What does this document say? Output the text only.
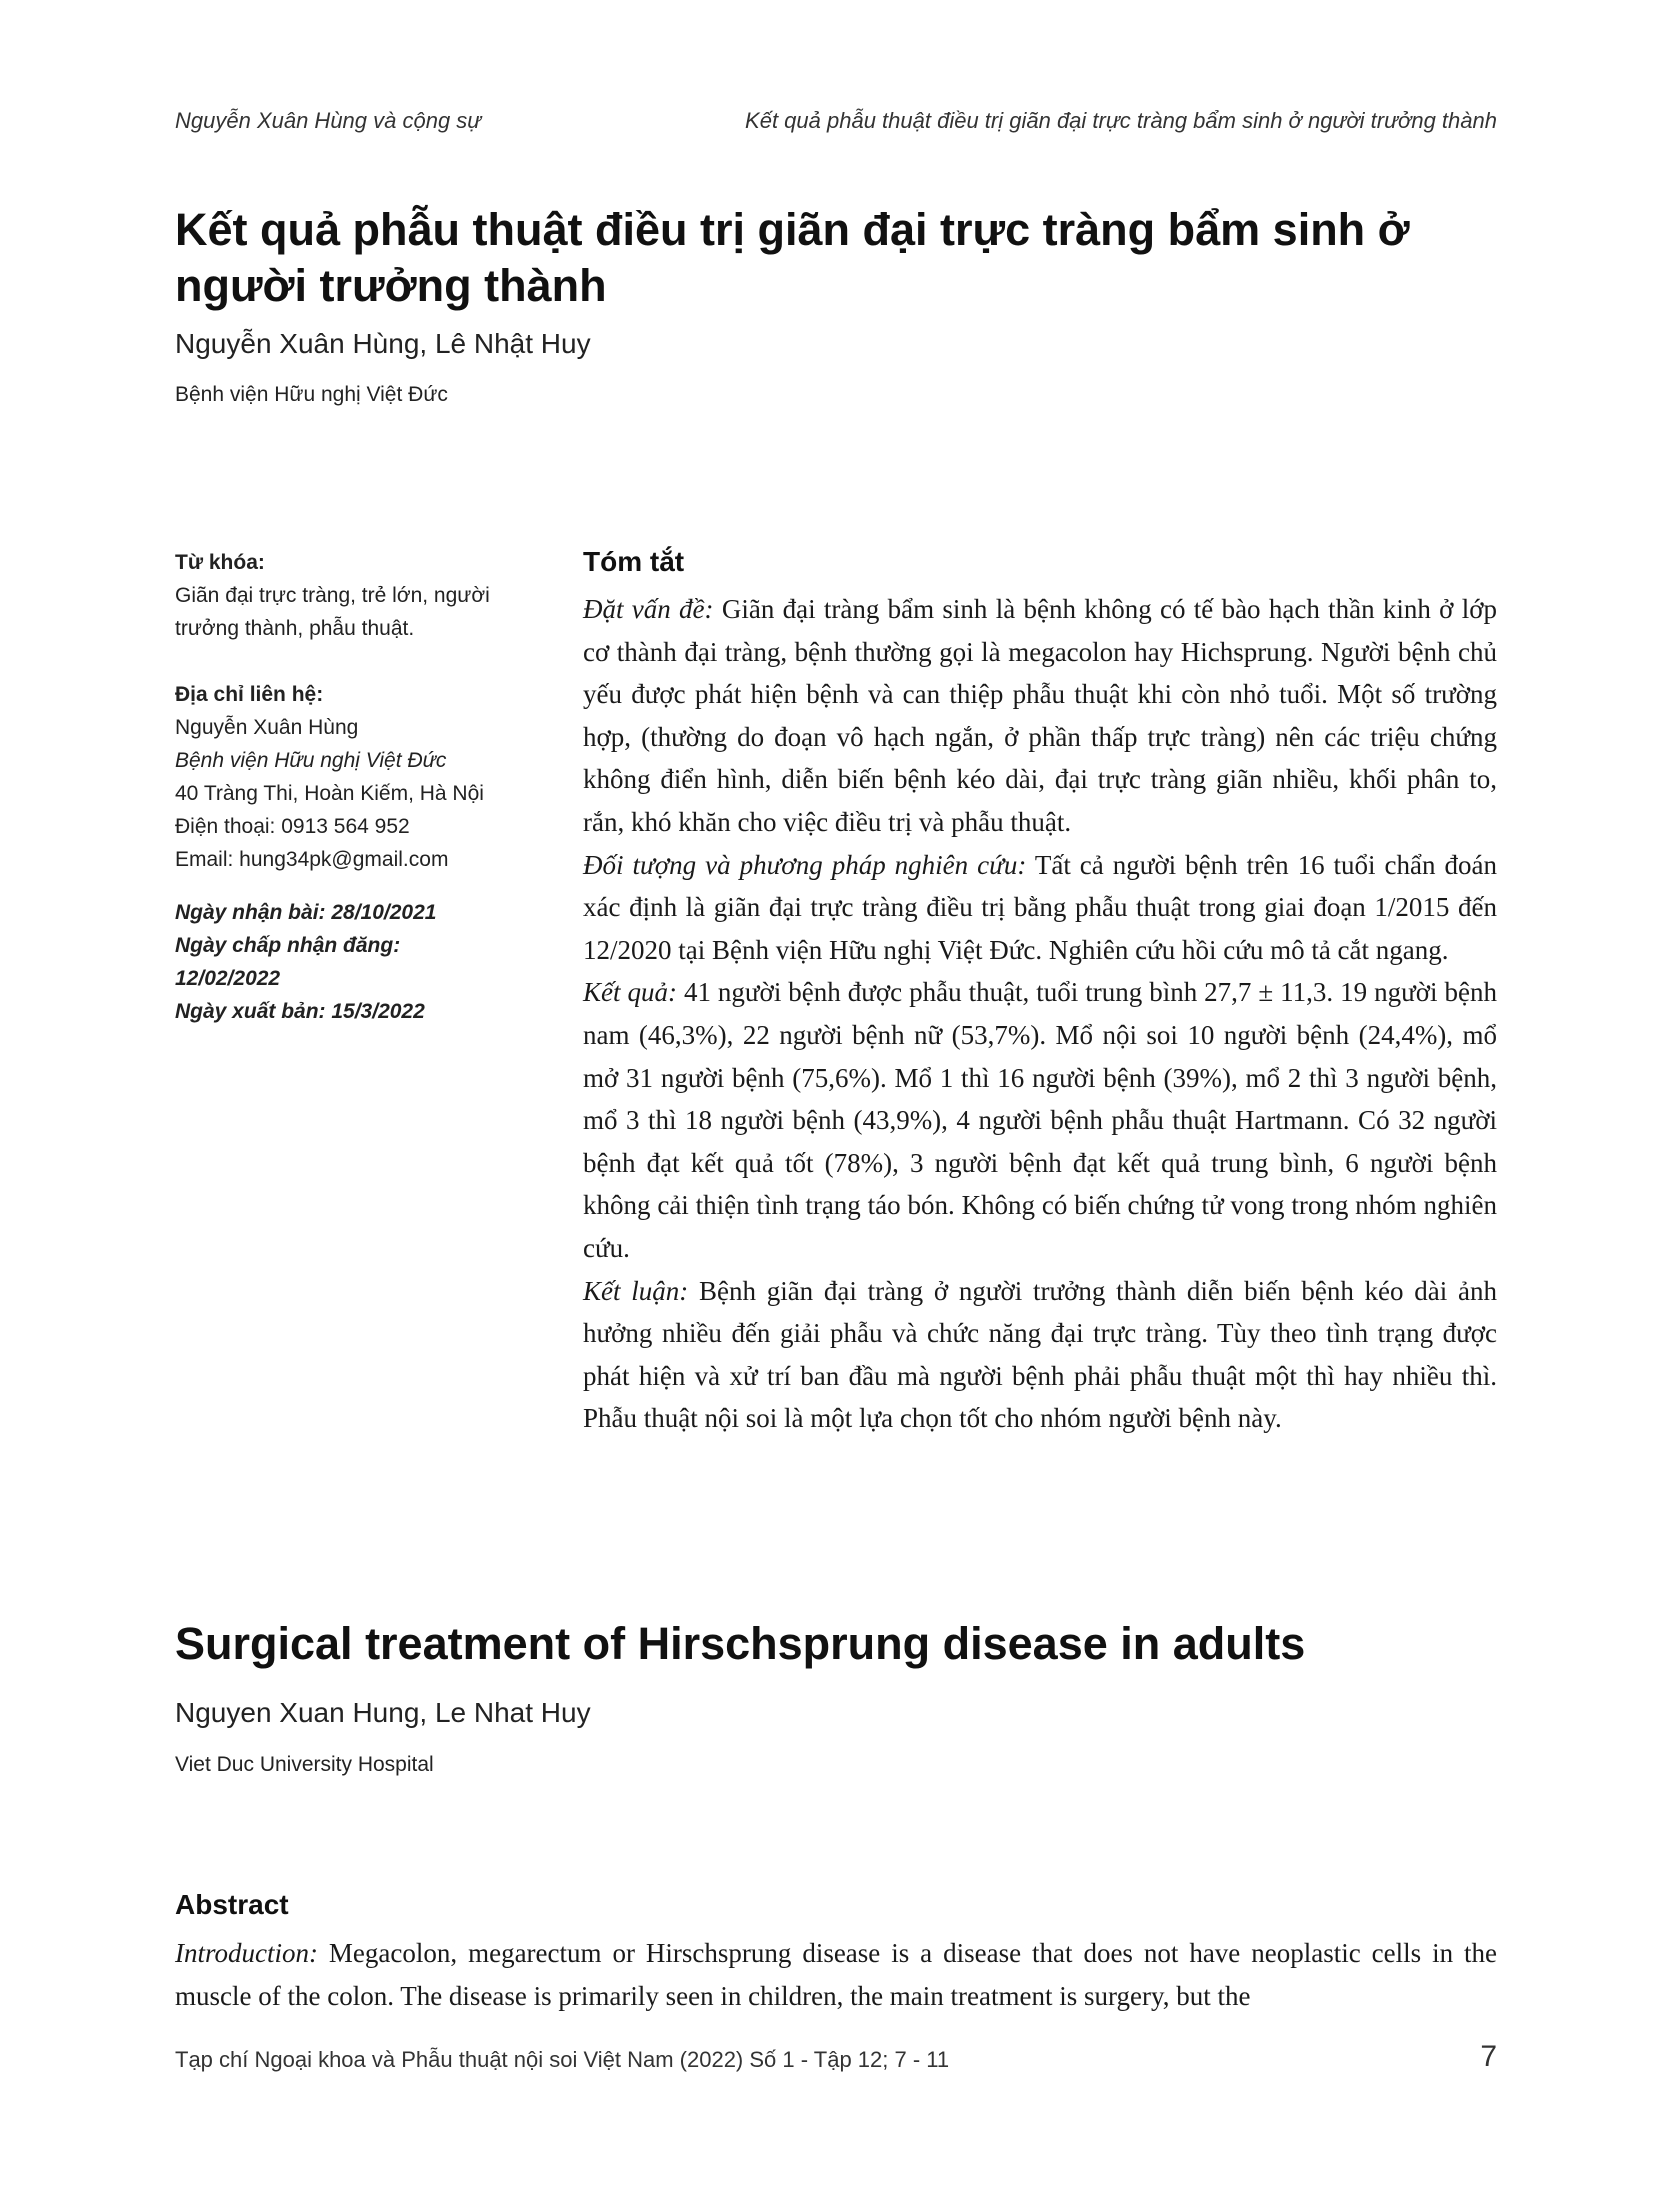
Nguyễn Xuân Hùng và cộng sự	Kết quả phẫu thuật điều trị giãn đại trực tràng bẩm sinh ở người trưởng thành
Kết quả phẫu thuật điều trị giãn đại trực tràng bẩm sinh ở người trưởng thành
Nguyễn Xuân Hùng, Lê Nhật Huy
Bệnh viện Hữu nghị Việt Đức
Từ khóa:
Giãn đại trực tràng, trẻ lớn, người trưởng thành, phẫu thuật.
Địa chỉ liên hệ:
Nguyễn Xuân Hùng
Bệnh viện Hữu nghị Việt Đức
40 Tràng Thi, Hoàn Kiếm, Hà Nội
Điện thoại: 0913 564 952
Email: hung34pk@gmail.com
Ngày nhận bài: 28/10/2021
Ngày chấp nhận đăng:
12/02/2022
Ngày xuất bản: 15/3/2022
Tóm tắt

Đặt vấn đề: Giãn đại tràng bẩm sinh là bệnh không có tế bào hạch thần kinh ở lớp cơ thành đại tràng, bệnh thường gọi là megacolon hay Hichsprung. Người bệnh chủ yếu được phát hiện bệnh và can thiệp phẫu thuật khi còn nhỏ tuổi. Một số trường hợp, (thường do đoạn vô hạch ngắn, ở phần thấp trực tràng) nên các triệu chứng không điển hình, diễn biến bệnh kéo dài, đại trực tràng giãn nhiều, khối phân to, rắn, khó khăn cho việc điều trị và phẫu thuật.

Đối tượng và phương pháp nghiên cứu: Tất cả người bệnh trên 16 tuổi chẩn đoán xác định là giãn đại trực tràng điều trị bằng phẫu thuật trong giai đoạn 1/2015 đến 12/2020 tại Bệnh viện Hữu nghị Việt Đức. Nghiên cứu hồi cứu mô tả cắt ngang.

Kết quả: 41 người bệnh được phẫu thuật, tuổi trung bình 27,7 ± 11,3. 19 người bệnh nam (46,3%), 22 người bệnh nữ (53,7%). Mổ nội soi 10 người bệnh (24,4%), mổ mở 31 người bệnh (75,6%). Mổ 1 thì 16 người bệnh (39%), mổ 2 thì 3 người bệnh, mổ 3 thì 18 người bệnh (43,9%), 4 người bệnh phẫu thuật Hartmann. Có 32 người bệnh đạt kết quả tốt (78%), 3 người bệnh đạt kết quả trung bình, 6 người bệnh không cải thiện tình trạng táo bón. Không có biến chứng tử vong trong nhóm nghiên cứu.

Kết luận: Bệnh giãn đại tràng ở người trưởng thành diễn biến bệnh kéo dài ảnh hưởng nhiều đến giải phẫu và chức năng đại trực tràng. Tùy theo tình trạng được phát hiện và xử trí ban đầu mà người bệnh phải phẫu thuật một thì hay nhiều thì. Phẫu thuật nội soi là một lựa chọn tốt cho nhóm người bệnh này.

Surgical treatment of Hirschsprung disease in adults
Nguyen Xuan Hung, Le Nhat Huy
Viet Duc University Hospital
Abstract

Introduction: Megacolon, megarectum or Hirschsprung disease is a disease that does not have neoplastic cells in the muscle of the colon. The disease is primarily seen in children, the main treatment is surgery, but the

Tạp chí Ngoại khoa và Phẫu thuật nội soi Việt Nam (2022) Số 1 - Tập 12; 7 - 11	7
